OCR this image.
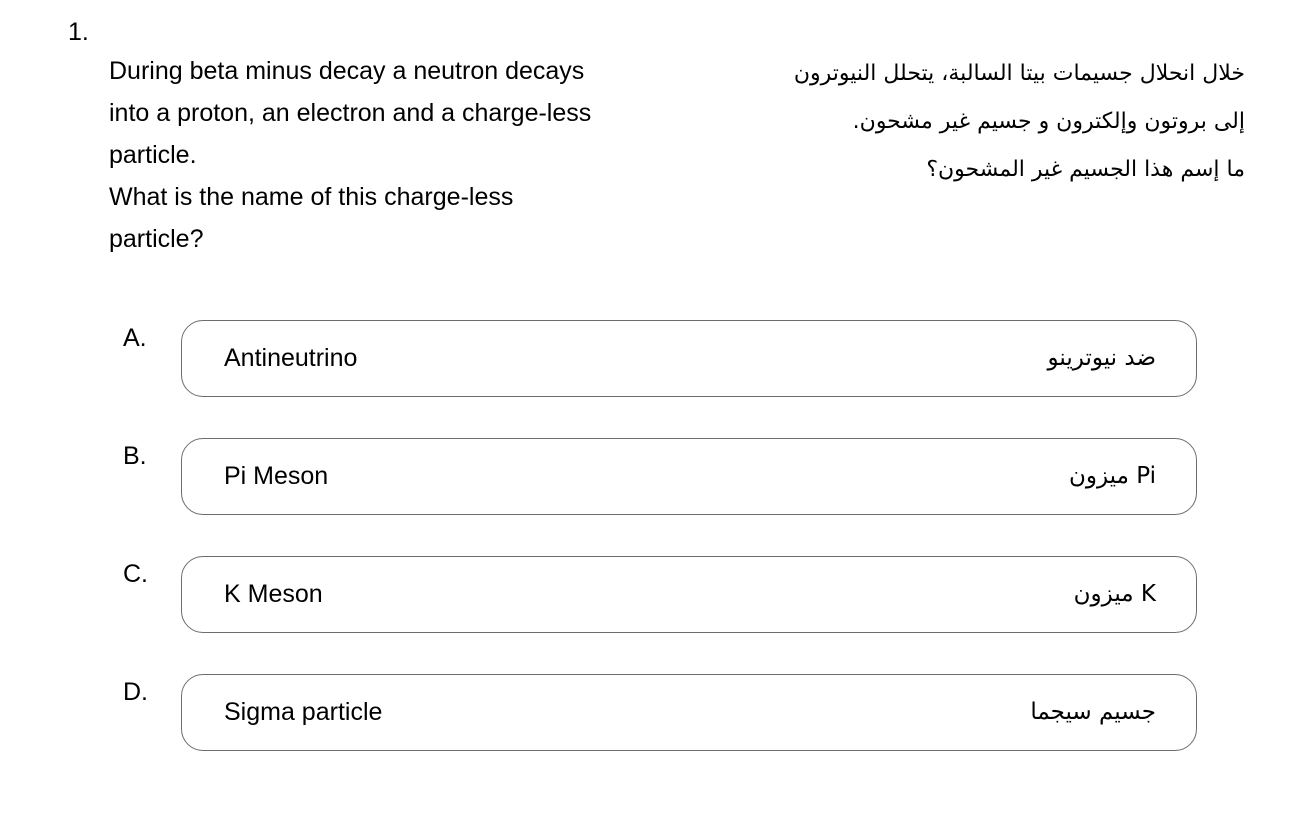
1.

During beta minus decay a neutron decays

into a proton, an electron and a charge-less

particle.

What is the name of this charge-less

particle?

خلال انحلال جسيمات بيتا السالبة، يتحلل النيوترون

إلى بروتون وإلكترون و جسيم غير مشحون.

ما إسم هذا الجسيم غير المشحون؟

A.
Antineutrino	ضد نيوترينو
B.
Pi Meson	Pi ميزون
C.
K Meson	K ميزون
D.
Sigma particle	جسيم سيجما
